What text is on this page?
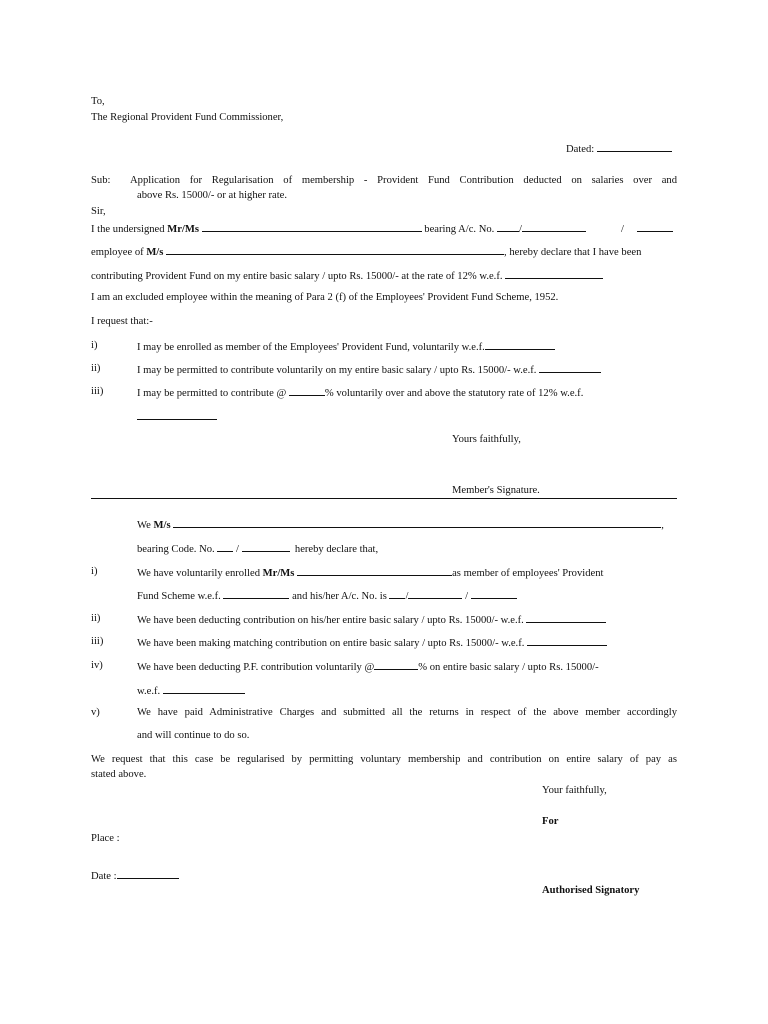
To,
The Regional Provident Fund Commissioner,
Dated:
Sub: Application for Regularisation of membership - Provident Fund Contribution deducted on salaries over and
above Rs. 15000/- or at higher rate.
Sir,
I the undersigned Mr/Ms	bearing A/c. No. /	/
employee of M/s	, hereby declare that I have been
contributing Provident Fund on my entire basic salary / upto Rs. 15000/- at the rate of 12% w.e.f.
I am an excluded employee within the meaning of Para 2 (f) of the Employees' Provident Fund Scheme, 1952.
I request that:-
i)	I may be enrolled as member of the Employees' Provident Fund, voluntarily w.e.f.
ii)	I may be permitted to contribute voluntarily on my entire basic salary / upto Rs. 15000/- w.e.f.
iii)	I may be permitted to contribute @	% voluntarily over and above the statutory rate of 12% w.e.f.
Yours faithfully,
Member's Signature.
We M/s	,
bearing Code. No. /	hereby declare that,
i)	We have voluntarily enrolled Mr/Ms	as member of employees' Provident
Fund Scheme w.e.f.	and his/her A/c. No. is /	/
ii)	We have been deducting contribution on his/her entire basic salary / upto Rs. 15000/- w.e.f.
iii)	We have been making matching contribution on entire basic salary / upto Rs. 15000/- w.e.f.
iv)	We have been deducting P.F. contribution voluntarily @	% on entire basic salary / upto Rs. 15000/-
w.e.f.
v)	We have paid Administrative Charges and submitted all the returns in respect of the above member accordingly
and will continue to do so.
We request that this case be regularised by permitting voluntary membership and contribution on entire salary of pay as
stated above.
Your faithfully,
For
Place :
Date :
Authorised Signatory
